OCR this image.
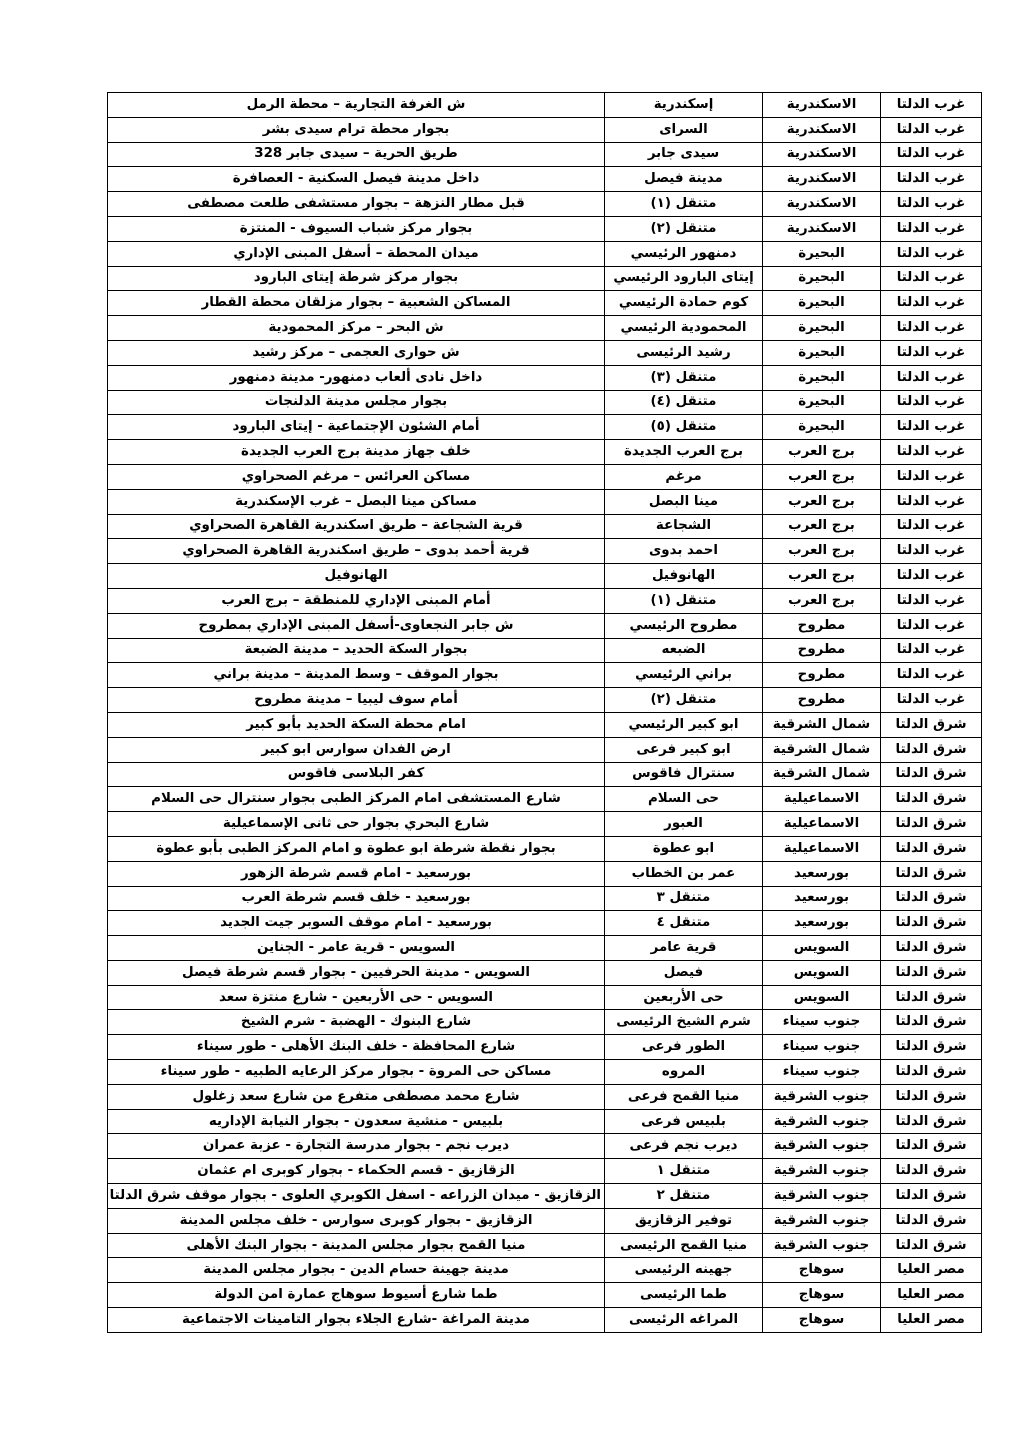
غرب الدلتا	الاسكندرية	إسكندرية	ش الغرفة التجارية – محطة الرمل
غرب الدلتا	الاسكندرية	السراى	بجوار محطة ترام سيدى بشر
غرب الدلتا	الاسكندرية	سيدى جابر	طريق الحرية – سيدى جابر 328
غرب الدلتا	الاسكندرية	مدينة فيصل	داخل مدينة فيصل السكنية - العصافرة
غرب الدلتا	الاسكندرية	متنقل (١)	قبل مطار النزهة – بجوار مستشفى طلعت مصطفى
غرب الدلتا	الاسكندرية	متنقل (٢)	بجوار مركز شباب السيوف - المنتزة
غرب الدلتا	البحيرة	دمنهور الرئيسي	ميدان المحطة – أسفل المبنى الإداري
غرب الدلتا	البحيرة	إيتاى البارود الرئيسي	بجوار مركز شرطة إيتاى البارود
غرب الدلتا	البحيرة	كوم حمادة الرئيسي	المساكن الشعبية – بجوار مزلقان محطة القطار
غرب الدلتا	البحيرة	المحمودية الرئيسي	ش البحر – مركز المحمودية
غرب الدلتا	البحيرة	رشيد الرئيسى	ش حوارى العجمى – مركز رشيد
غرب الدلتا	البحيرة	متنقل (٣)	داخل نادى ألعاب دمنهور- مدينة دمنهور
غرب الدلتا	البحيرة	متنقل (٤)	بجوار مجلس مدينة الدلنجات
غرب الدلتا	البحيرة	متنقل (٥)	أمام الشئون الإجتماعية - إيتاى البارود
غرب الدلتا	برج العرب	برج العرب الجديدة	خلف جهاز مدينة برج العرب الجديدة
غرب الدلتا	برج العرب	مرغم	مساكن العرائس – مرغم الصحراوي
غرب الدلتا	برج العرب	مينا البصل	مساكن مينا البصل – غرب الإسكندرية
غرب الدلتا	برج العرب	الشجاعة	قرية الشجاعة – طريق اسكندرية القاهرة الصحراوي
غرب الدلتا	برج العرب	احمد بدوى	قرية أحمد بدوى – طريق اسكندرية القاهرة الصحراوي
غرب الدلتا	برج العرب	الهانوفيل	الهانوفيل
غرب الدلتا	برج العرب	متنقل (١)	أمام المبنى الإداري للمنطقة – برج العرب
غرب الدلتا	مطروح	مطروح الرئيسي	ش جابر النجعاوى-أسفل المبنى الإداري بمطروح
غرب الدلتا	مطروح	الضبعه	بجوار السكة الحديد – مدينة الضبعة
غرب الدلتا	مطروح	براني الرئيسي	بجوار الموقف – وسط المدينة – مدينة براني
غرب الدلتا	مطروح	متنقل (٢)	أمام سوف ليبيا – مدينة مطروح
شرق الدلتا	شمال الشرقية	ابو كبير الرئيسي	امام محطة السكة الحديد بأبو كبير
شرق الدلتا	شمال الشرقية	ابو كبير فرعى	ارض الفدان سوارس ابو كبير
شرق الدلتا	شمال الشرقية	سنترال فاقوس	كفر البلاسى فاقوس
شرق الدلتا	الاسماعيلية	حى السلام	شارع المستشفى امام المركز الطبى بجوار سنترال حى السلام
شرق الدلتا	الاسماعيلية	العبور	شارع البحري بجوار حى ثانى الإسماعيلية
شرق الدلتا	الاسماعيلية	ابو عطوة	بجوار نقطة شرطة ابو عطوة و امام المركز الطبى بأبو عطوة
شرق الدلتا	بورسعيد	عمر بن الخطاب	بورسعيد - امام قسم شرطة الزهور
شرق الدلتا	بورسعيد	متنقل ٣	بورسعيد - خلف قسم شرطة العرب
شرق الدلتا	بورسعيد	متنقل ٤	بورسعيد - امام موقف السوبر جيت الجديد
شرق الدلتا	السويس	قرية عامر	السويس - قرية عامر - الجناين
شرق الدلتا	السويس	فيصل	السويس - مدينة الحرفيين - بجوار قسم شرطة فيصل
شرق الدلتا	السويس	حى الأربعين	السويس - حى الأربعين - شارع منتزة سعد
شرق الدلتا	جنوب سيناء	شرم الشيخ الرئيسى	شارع البنوك - الهضبة - شرم الشيخ
شرق الدلتا	جنوب سيناء	الطور فرعى	شارع المحافظة - خلف البنك الأهلى - طور سيناء
شرق الدلتا	جنوب سيناء	المروه	مساكن حى المروة - بجوار مركز الرعايه الطبيه - طور سيناء
شرق الدلتا	جنوب الشرقية	منيا القمح فرعى	شارع محمد مصطفى متفرع من شارع سعد زغلول
شرق الدلتا	جنوب الشرقية	بلبيس فرعى	بلبيس - منشية سعدون - بجوار النيابة الإداريه
شرق الدلتا	جنوب الشرقية	ديرب نجم فرعى	ديرب نجم - بجوار مدرسة التجارة - عزبة عمران
شرق الدلتا	جنوب الشرقية	متنقل ١	الزقازيق - قسم الحكماء - بجوار كوبرى ام عثمان
شرق الدلتا	جنوب الشرقية	متنقل ٢	الزقازيق - ميدان الزراعه - اسفل الكوبري العلوى - بجوار موقف شرق الدلتا
شرق الدلتا	جنوب الشرقية	توفير الزقازيق	الزقازيق - بجوار كوبرى سوارس - خلف مجلس المدينة
شرق الدلتا	جنوب الشرقية	منيا القمح الرئيسى	منيا القمح بجوار مجلس المدينة - بجوار البنك الأهلى
مصر العليا	سوهاج	جهينه الرئيسى	مدينة جهينة حسام الدين - بجوار مجلس المدينة
مصر العليا	سوهاج	طما الرئيسى	طما شارع أسيوط سوهاج عمارة امن الدولة
مصر العليا	سوهاج	المراغه الرئيسى	مدينة المراغة -شارع الجلاء بجوار التامينات الاجتماعية
